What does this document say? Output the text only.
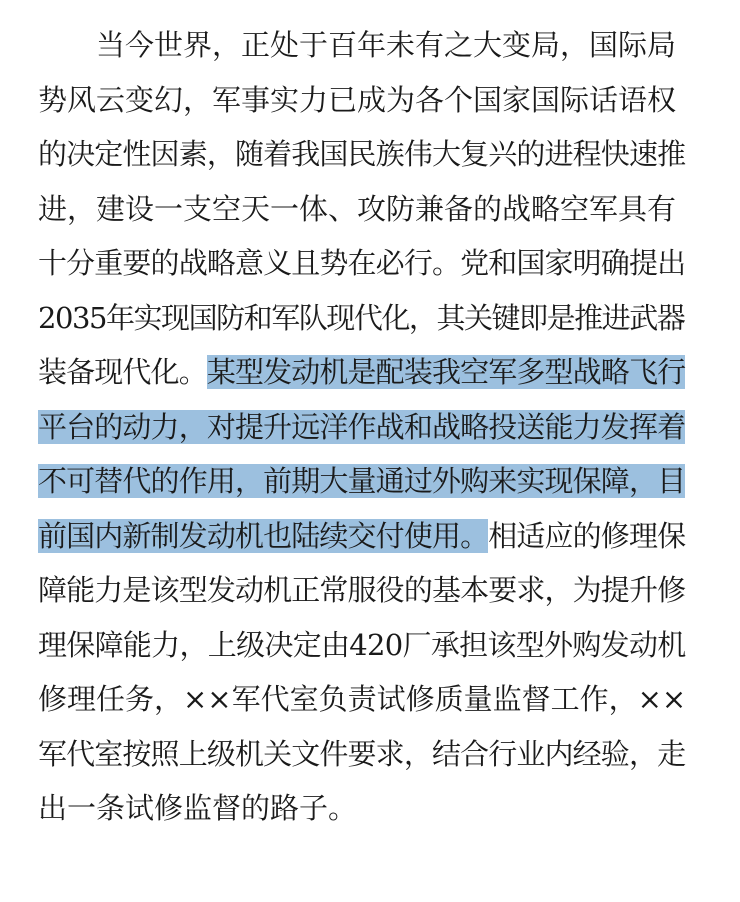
当今世界，正处于百年未有之大变局，国际局
势风云变幻，军事实力已成为各个国家国际话语权
的决定性因素，随着我国民族伟大复兴的进程快速推
进，建设一支空天一体、攻防兼备的战略空军具有
十分重要的战略意义且势在必行。党和国家明确提出
2035年实现国防和军队现代化，其关键即是推进武器
装备现代化。某型发动机是配装我空军多型战略飞行
平台的动力，对提升远洋作战和战略投送能力发挥着
不可替代的作用，前期大量通过外购来实现保障，目
前国内新制发动机也陆续交付使用。相适应的修理保
障能力是该型发动机正常服役的基本要求，为提升修
理保障能力，上级决定由420厂承担该型外购发动机
修理任务，××军代室负责试修质量监督工作，××
军代室按照上级机关文件要求，结合行业内经验，走
出一条试修监督的路子。
